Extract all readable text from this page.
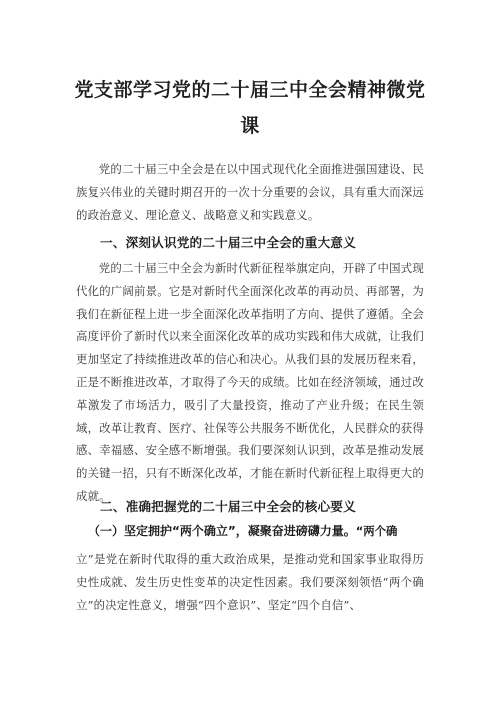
党支部学习党的二十届三中全会精神微党
课

党的二十届三中全会是在以中国式现代化全面推进强国建设、民族复兴伟业的关键时期召开的一次十分重要的会议，具有重大而深远的政治意义、理论意义、战略意义和实践意义。

一、深刻认识党的二十届三中全会的重大意义

党的二十届三中全会为新时代新征程举旗定向，开辟了中国式现代化的广阔前景。它是对新时代全面深化改革的再动员、再部署，为我们在新征程上进一步全面深化改革指明了方向、提供了遵循。全会高度评价了新时代以来全面深化改革的成功实践和伟大成就，让我们更加坚定了持续推进改革的信心和决心。从我们县的发展历程来看，正是不断推进改革，才取得了今天的成绩。比如在经济领域，通过改革激发了市场活力，吸引了大量投资，推动了产业升级；在民生领域，改革让教育、医疗、社保等公共服务不断优化，人民群众的获得感、幸福感、安全感不断增强。我们要深刻认识到，改革是推动发展的关键一招，只有不断深化改革，才能在新时代新征程上取得更大的成就。

二、准确把握党的二十届三中全会的核心要义

（一）坚定拥护“两个确立”，凝聚奋进磅礴力量。“两个确

立”是党在新时代取得的重大政治成果，是推动党和国家事业取得历史性成就、发生历史性变革的决定性因素。我们要深刻领悟“两个确立”的决定性意义，增强“四个意识”、坚定“四个自信”、
